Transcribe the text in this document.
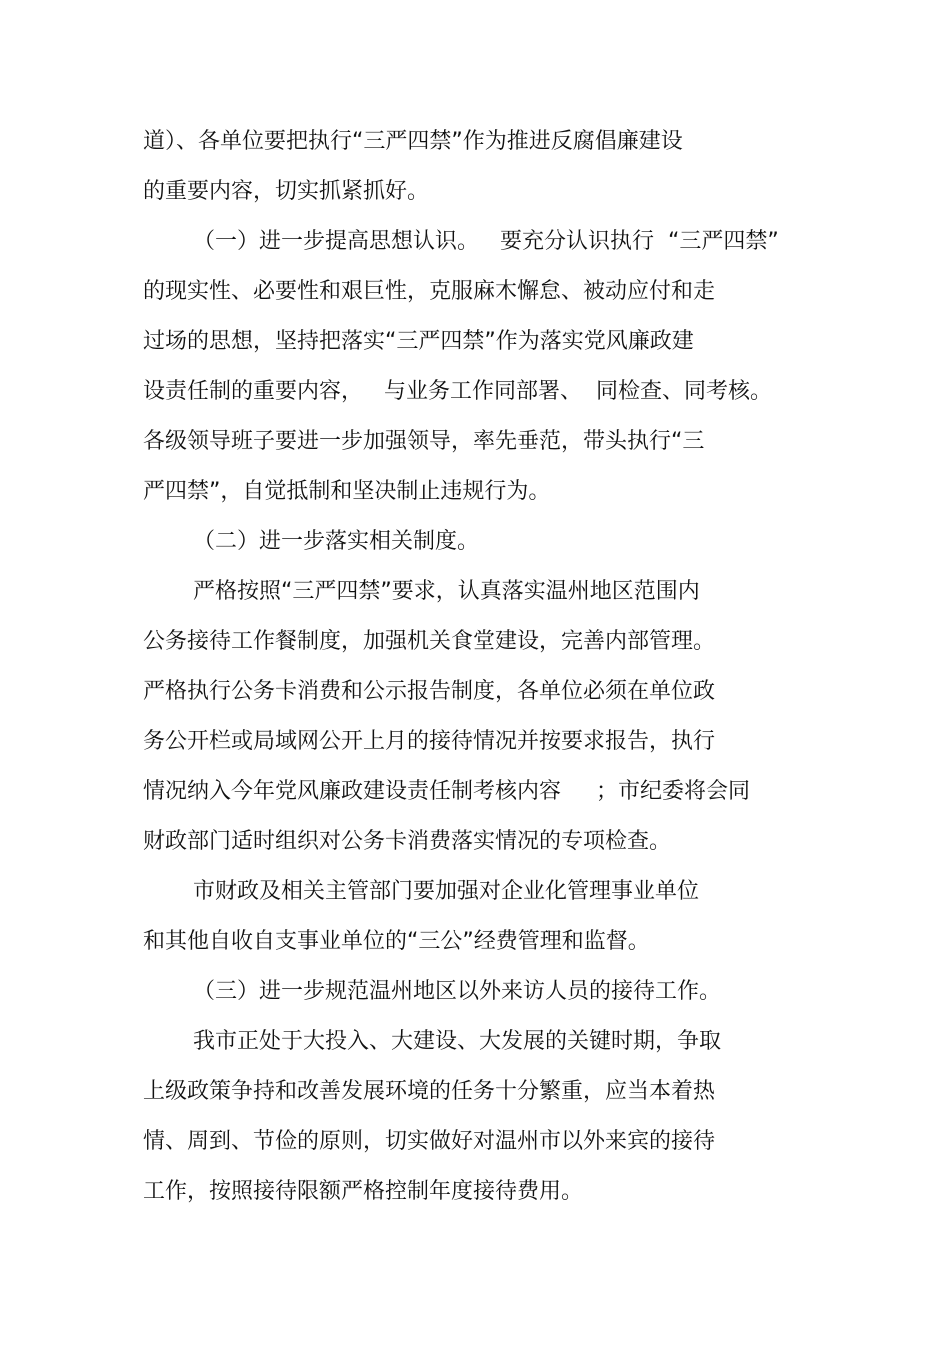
道）、各单位要把执行“三严四禁”作为推进反腐倡廉建设
的重要内容，切实抓紧抓好。
（一）进一步提高思想认识。   要充分认识执行  “三严四禁”
的现实性、必要性和艰巨性，克服麻木懈怠、被动应付和走
过场的思想，坚持把落实“三严四禁”作为落实党风廉政建
设责任制的重要内容，   与业务工作同部署、  同检查、同考核。
各级领导班子要进一步加强领导，率先垂范，带头执行“三
严四禁”，自觉抵制和坚决制止违规行为。
（二）进一步落实相关制度。
严格按照“三严四禁”要求，认真落实温州地区范围内
公务接待工作餐制度，加强机关食堂建设，完善内部管理。
严格执行公务卡消费和公示报告制度，各单位必须在单位政
务公开栏或局域网公开上月的接待情况并按要求报告，执行
情况纳入今年党风廉政建设责任制考核内容     ；市纪委将会同
财政部门适时组织对公务卡消费落实情况的专项检查。
市财政及相关主管部门要加强对企业化管理事业单位
和其他自收自支事业单位的“三公”经费管理和监督。
（三）进一步规范温州地区以外来访人员的接待工作。
我市正处于大投入、大建设、大发展的关键时期，争取
上级政策争持和改善发展环境的任务十分繁重，应当本着热
情、周到、节俭的原则，切实做好对温州市以外来宾的接待
工作，按照接待限额严格控制年度接待费用。
